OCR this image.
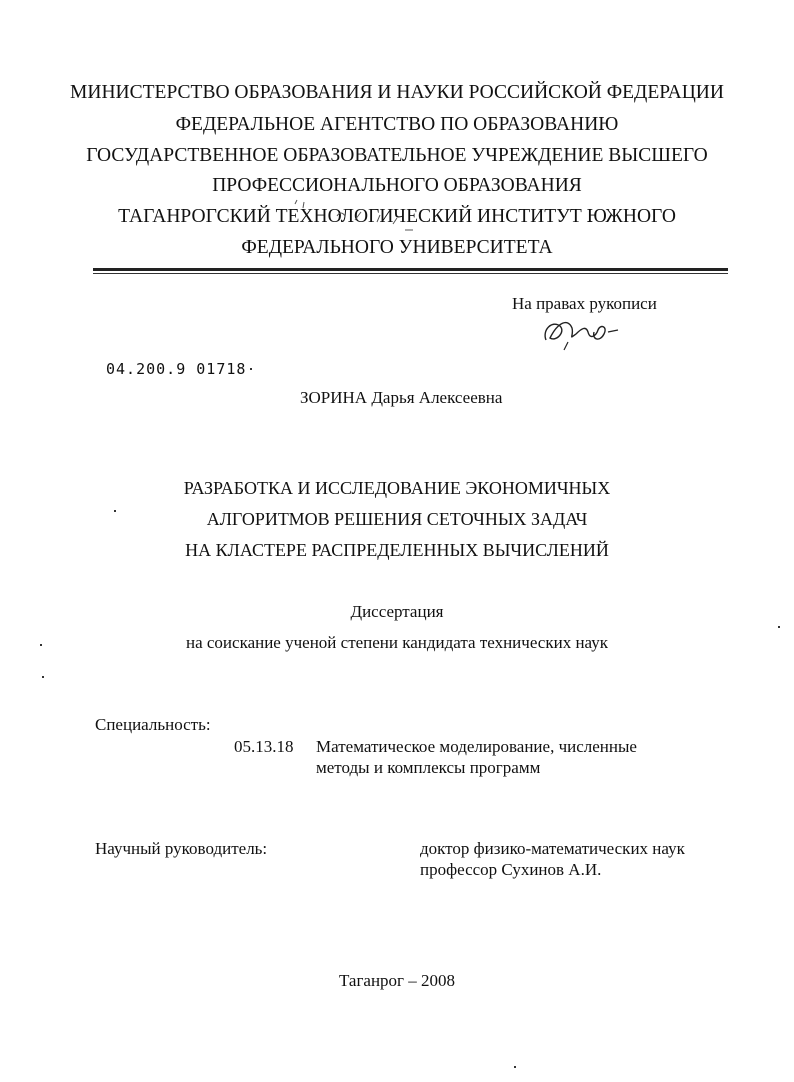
МИНИСТЕРСТВО ОБРАЗОВАНИЯ И НАУКИ РОССИЙСКОЙ ФЕДЕРАЦИИ
ФЕДЕРАЛЬНОЕ АГЕНТСТВО ПО ОБРАЗОВАНИЮ
ГОСУДАРСТВЕННОЕ ОБРАЗОВАТЕЛЬНОЕ УЧРЕЖДЕНИЕ ВЫСШЕГО
ПРОФЕССИОНАЛЬНОГО ОБРАЗОВАНИЯ
ТАГАНРОГСКИЙ ТЕХНОЛОГИЧЕСКИЙ ИНСТИТУТ ЮЖНОГО
ФЕДЕРАЛЬНОГО УНИВЕРСИТЕТА
На правах рукописи
04.200.9 01718
ЗОРИНА Дарья Алексеевна
РАЗРАБОТКА И ИССЛЕДОВАНИЕ ЭКОНОМИЧНЫХ
АЛГОРИТМОВ РЕШЕНИЯ СЕТОЧНЫХ ЗАДАЧ
НА КЛАСТЕРЕ РАСПРЕДЕЛЕННЫХ ВЫЧИСЛЕНИЙ
Диссертация
на соискание ученой степени кандидата технических наук
Специальность:
05.13.18 Математическое моделирование, численные
методы и комплексы программ
Научный руководитель:	доктор физико-математических наук
профессор Сухинов А.И.
Таганрог – 2008
